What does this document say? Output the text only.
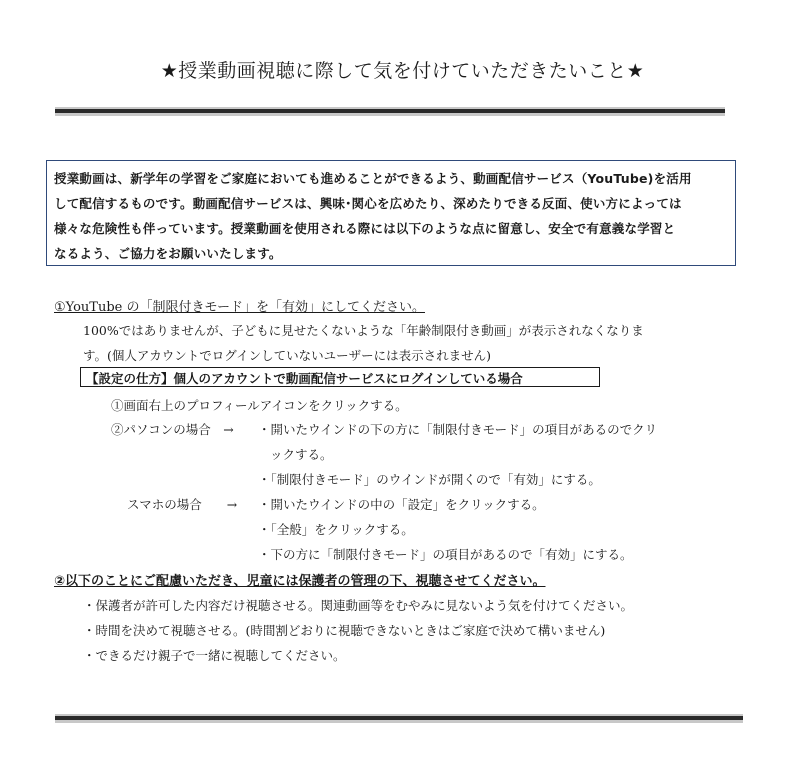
★授業動画視聴に際して気を付けていただきたいこと★
授業動画は、新学年の学習をご家庭においても進めることができるよう、動画配信サービス（YouTube)を活用
して配信するものです。動画配信サービスは、興味･関心を広めたり、深めたりできる反面、使い方によっては
様々な危険性も伴っています。授業動画を使用される際には以下のような点に留意し、安全で有意義な学習と
なるよう、ご協力をお願いいたします。
①YouTube の「制限付きモード」を「有効」にしてください。
100%ではありませんが、子どもに見せたくないような「年齢制限付き動画」が表示されなくなりま
す。(個人アカウントでログインしていないユーザーには表示されません)
【設定の仕方】個人のアカウントで動画配信サービスにログインしている場合
①画面右上のプロフィールアイコンをクリックする。
②パソコンの場合　→ ・開いたウインドの下の方に「制限付きモード」の項目があるのでクリ
ックする。
・「制限付きモード」のウインドが開くので「有効」にする。
スマホの場合　　→ ・開いたウインドの中の「設定」をクリックする。
・「全般」をクリックする。
・下の方に「制限付きモード」の項目があるので「有効」にする。
②以下のことにご配慮いただき、児童には保護者の管理の下、視聴させてください。
・保護者が許可した内容だけ視聴させる。関連動画等をむやみに見ないよう気を付けてください。
・時間を決めて視聴させる。(時間割どおりに視聴できないときはご家庭で決めて構いません)
・できるだけ親子で一緒に視聴してください。
